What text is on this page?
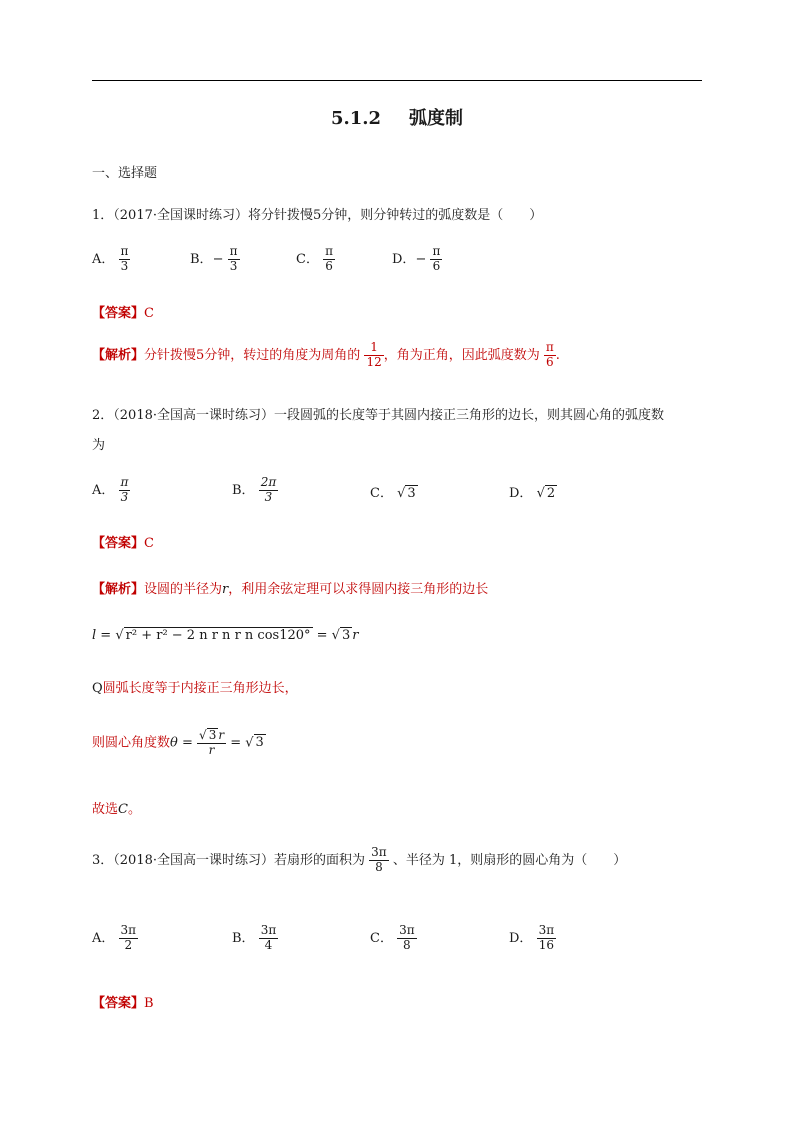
5.1.2 弧度制
一、选择题
1．（2017·全国课时练习）将分针拨慢5分钟，则分钟转过的弧度数是（　　）
A． $\frac{\pi}{3}$	B．− $\frac{\pi}{3}$	C． $\frac{\pi}{6}$	D．− $\frac{\pi}{6}$
【答案】C
【解析】分针拨慢5分钟，转过的角度为周角的 $\frac{1}{12}$ ，角为正角，因此弧度数为 $\frac{\pi}{6}$ .
2．（2018·全国高一课时练习）一段圆弧的长度等于其圆内接正三角形的边长，则其圆心角的弧度数
为
A． $\frac{\pi}{3}$	B． $\frac{2\pi}{3}$	C． √ 3	D． √ 2
【答案】C
【解析】设圆的半径为r，利用余弦定理可以求得圆内接三角形的边长
l = √ r² + r² − 2 n r n r n cos120° = √ 3 r
Q圆弧长度等于内接正三角形边长，
则圆心角度数$\theta = \frac{√ 3 r}{r}$ = √ 3
故选C。
3．（2018·全国高一课时练习）若扇形的面积为 $\frac{3\pi}{8}$ 、半径为 1，则扇形的圆心角为（　　）
A． $\frac{3\pi}{2}$	B． $\frac{3\pi}{4}$	C． $\frac{3\pi}{8}$	D． $\frac{3\pi}{16}$
【答案】B
